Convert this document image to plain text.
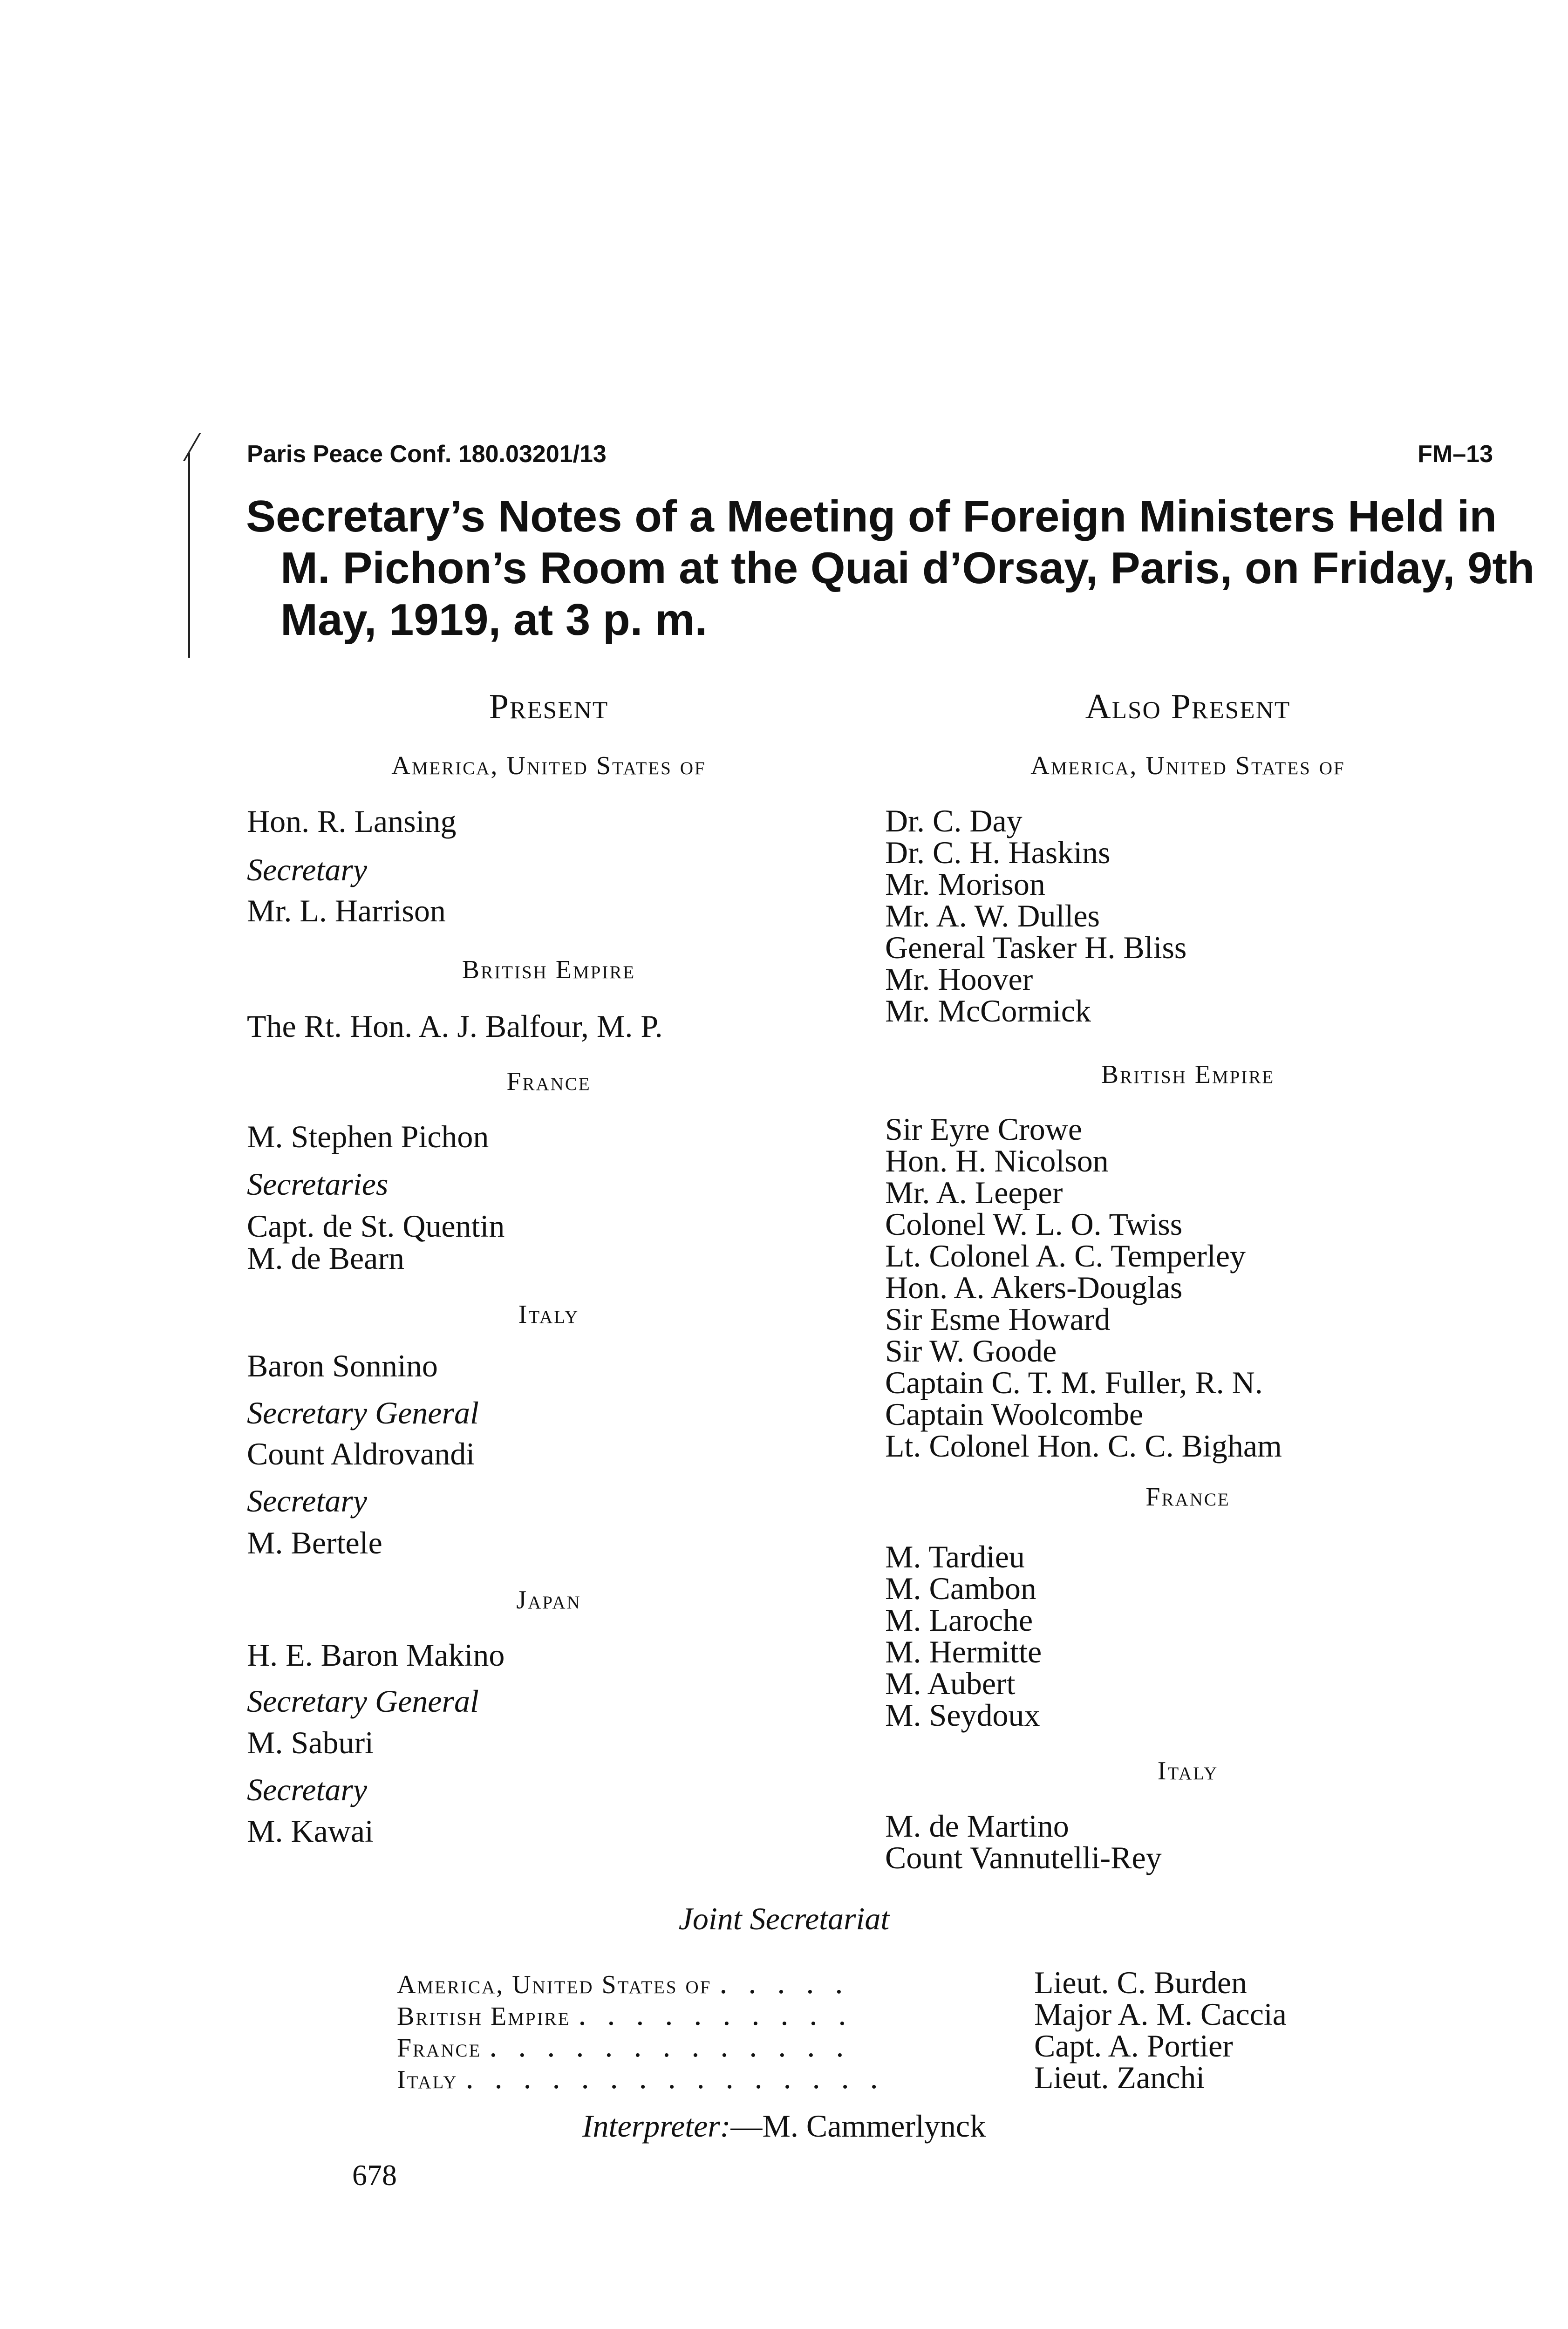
Paris Peace Conf. 180.03201/13	FM–13
Secretary’s Notes of a Meeting of Foreign Ministers Held in
M. Pichon’s Room at the Quai d’Orsay, Paris, on Friday, 9th
May, 1919, at 3 p. m.
Present
America, United States of
Hon. R. Lansing
Secretary
Mr. L. Harrison
British Empire
The Rt. Hon. A. J. Balfour, M. P.
France
M. Stephen Pichon
Secretaries
Capt. de St. Quentin
M. de Bearn
Italy
Baron Sonnino
Secretary General
Count Aldrovandi
Secretary
M. Bertele
Japan
H. E. Baron Makino
Secretary General
M. Saburi
Secretary
M. Kawai
Also Present
America, United States of
Dr. C. Day
Dr. C. H. Haskins
Mr. Morison
Mr. A. W. Dulles
General Tasker H. Bliss
Mr. Hoover
Mr. McCormick
British Empire
Sir Eyre Crowe
Hon. H. Nicolson
Mr. A. Leeper
Colonel W. L. O. Twiss
Lt. Colonel A. C. Temperley
Hon. A. Akers-Douglas
Sir Esme Howard
Sir W. Goode
Captain C. T. M. Fuller, R. N.
Captain Woolcombe
Lt. Colonel Hon. C. C. Bigham
France
M. Tardieu
M. Cambon
M. Laroche
M. Hermitte
M. Aubert
M. Seydoux
Italy
M. de Martino
Count Vannutelli-Rey
Joint Secretariat
America, United States of . . . . .	Lieut. C. Burden
British Empire . . . . . . . . . .	Major A. M. Caccia
France . . . . . . . . . . . . .	Capt. A. Portier
Italy . . . . . . . . . . . . . . .	Lieut. Zanchi
Interpreter:—M. Cammerlynck
678
